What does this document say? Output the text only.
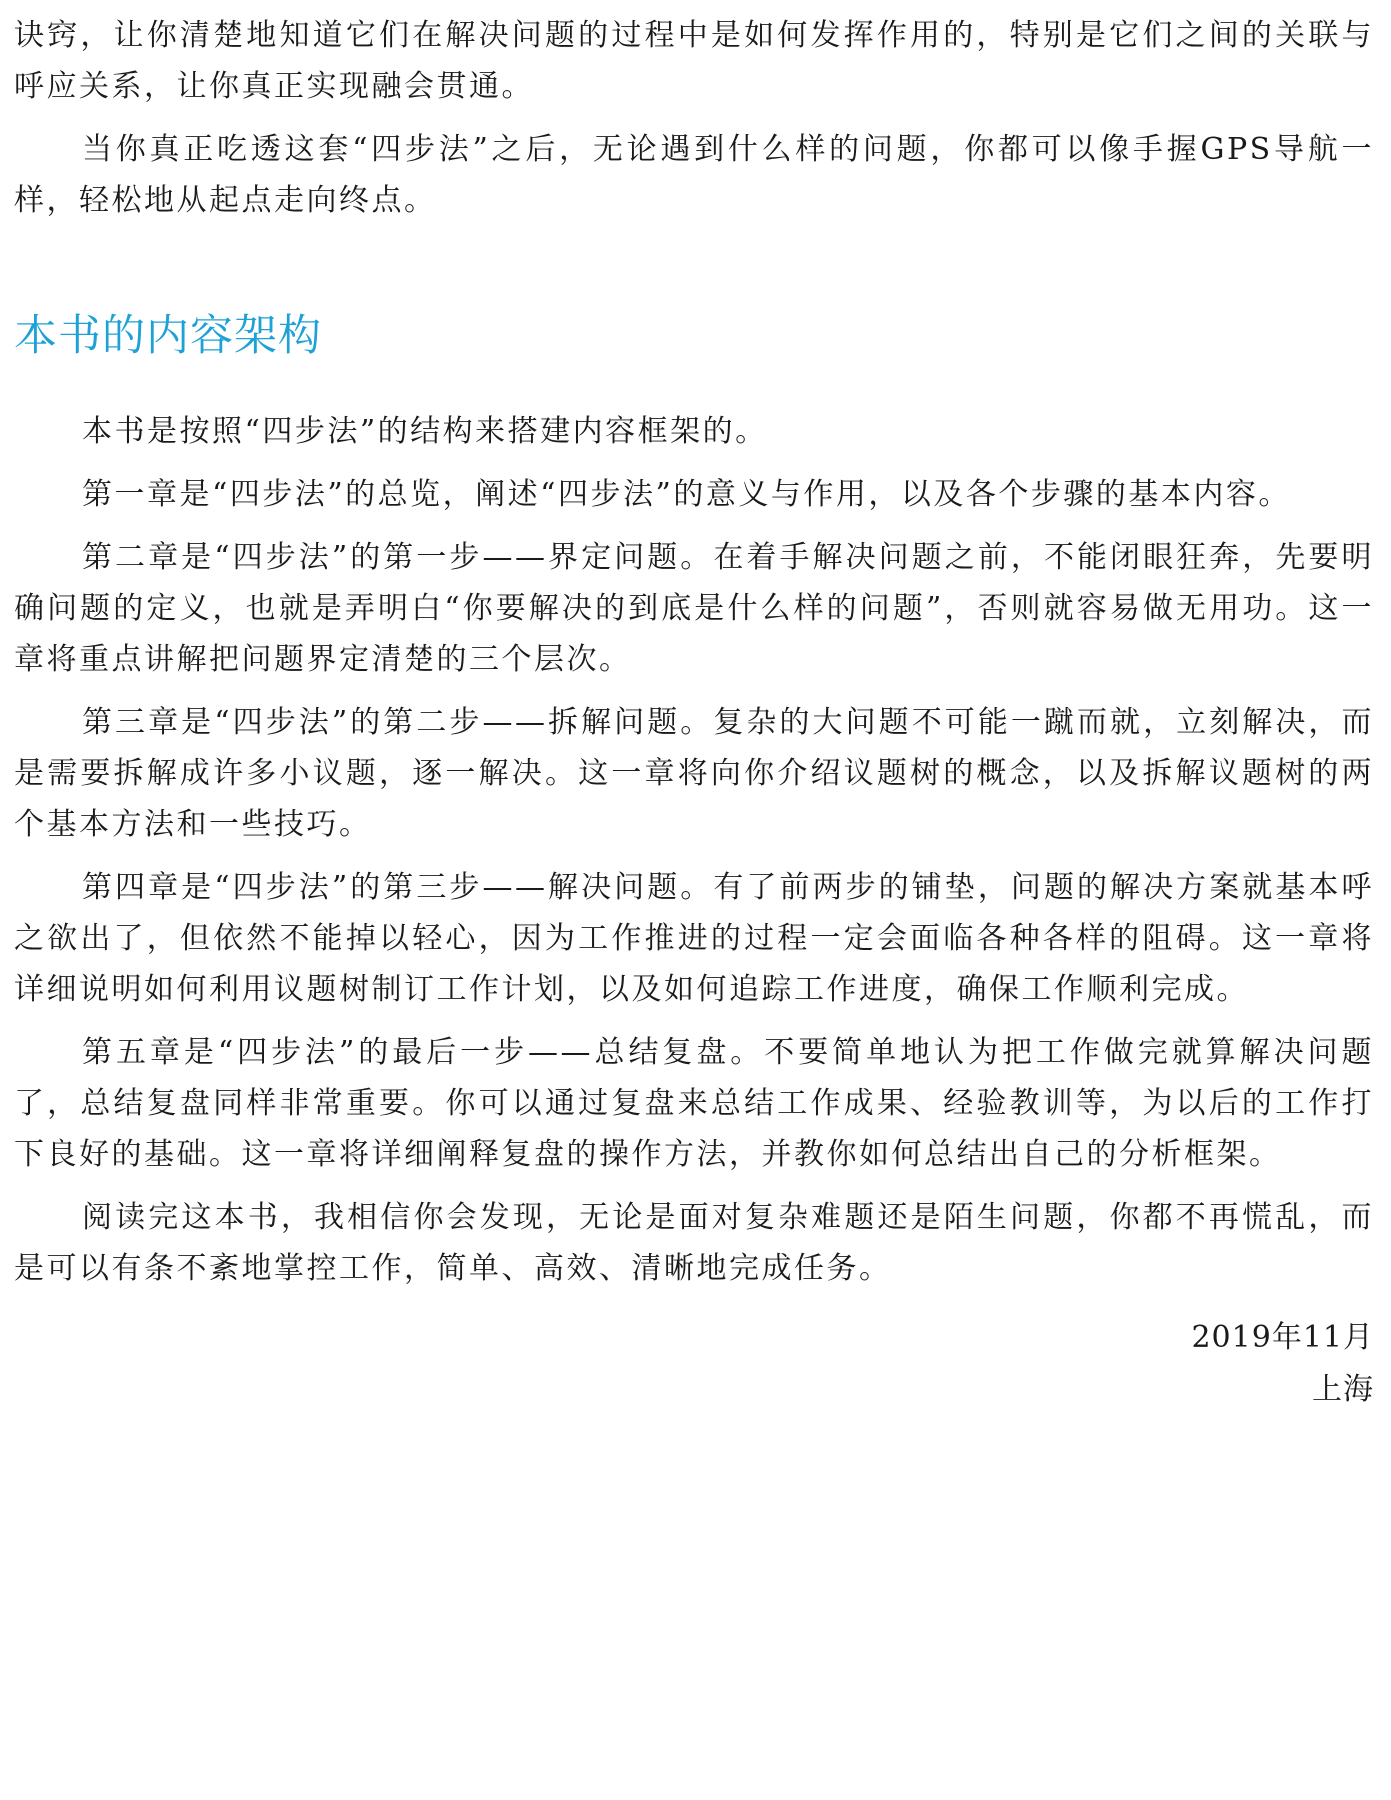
诀窍，让你清楚地知道它们在解决问题的过程中是如何发挥作用的，特别是它们之间的关联与呼应关系，让你真正实现融会贯通。

当你真正吃透这套“四步法”之后，无论遇到什么样的问题，你都可以像手握GPS导航一样，轻松地从起点走向终点。

本书的内容架构

本书是按照“四步法”的结构来搭建内容框架的。

第一章是“四步法”的总览，阐述“四步法”的意义与作用，以及各个步骤的基本内容。

第二章是“四步法”的第一步——界定问题。在着手解决问题之前，不能闭眼狂奔，先要明确问题的定义，也就是弄明白“你要解决的到底是什么样的问题”，否则就容易做无用功。这一章将重点讲解把问题界定清楚的三个层次。

第三章是“四步法”的第二步——拆解问题。复杂的大问题不可能一蹴而就，立刻解决，而是需要拆解成许多小议题，逐一解决。这一章将向你介绍议题树的概念，以及拆解议题树的两个基本方法和一些技巧。

第四章是“四步法”的第三步——解决问题。有了前两步的铺垫，问题的解决方案就基本呼之欲出了，但依然不能掉以轻心，因为工作推进的过程一定会面临各种各样的阻碍。这一章将详细说明如何利用议题树制订工作计划，以及如何追踪工作进度，确保工作顺利完成。

第五章是“四步法”的最后一步——总结复盘。不要简单地认为把工作做完就算解决问题了，总结复盘同样非常重要。你可以通过复盘来总结工作成果、经验教训等，为以后的工作打下良好的基础。这一章将详细阐释复盘的操作方法，并教你如何总结出自己的分析框架。

阅读完这本书，我相信你会发现，无论是面对复杂难题还是陌生问题，你都不再慌乱，而是可以有条不紊地掌控工作，简单、高效、清晰地完成任务。

2019年11月

上海
